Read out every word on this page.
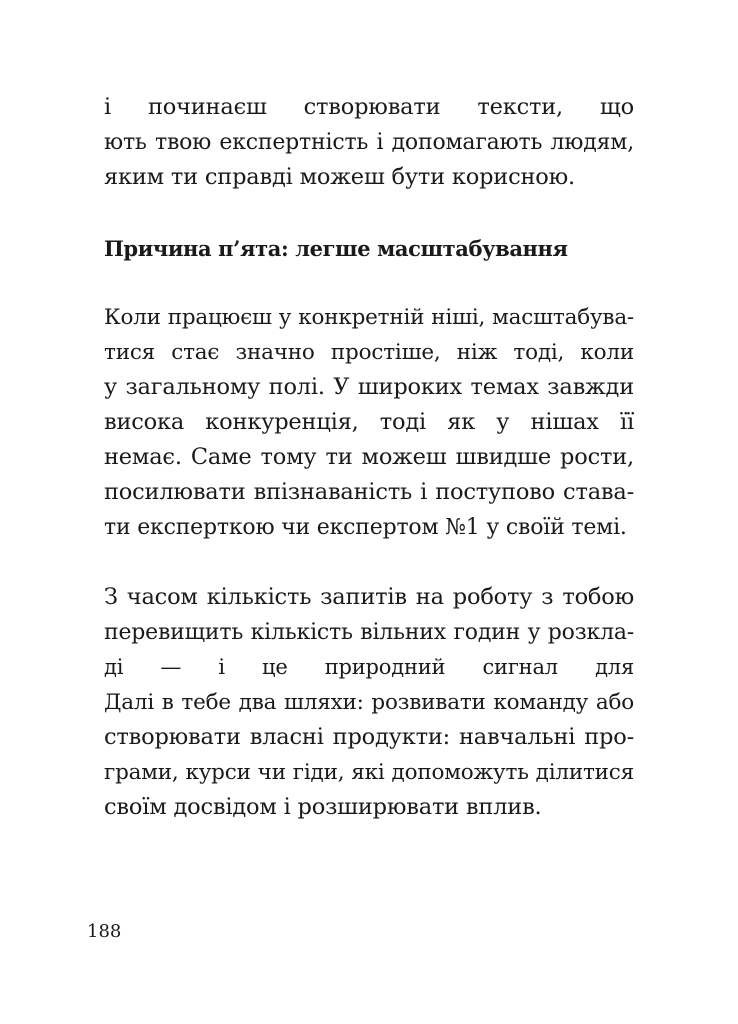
і починаєш створювати тексти, що
ють твою експертність і допомагають людям,
яким ти справді можеш бути корисною.
Причина п’ята: легше масштабування
Коли працюєш у конкретній ніші, масштабува-
тися стає значно простіше, ніж тоді, коли
у загальному полі. У широких темах завжди
висока конкуренція, тоді як у нішах її
немає. Саме тому ти можеш швидше рости,
посилювати впізнаваність і поступово става-
ти експерткою чи експертом №1 у своїй темі.
З часом кількість запитів на роботу з тобою
перевищить кількість вільних годин у розкла-
ді — і це природний сигнал для
Далі в тебе два шляхи: розвивати команду або
створювати власні продукти: навчальні про-
грами, курси чи гіди, які допоможуть ділитися
своїм досвідом і розширювати вплив.
188
